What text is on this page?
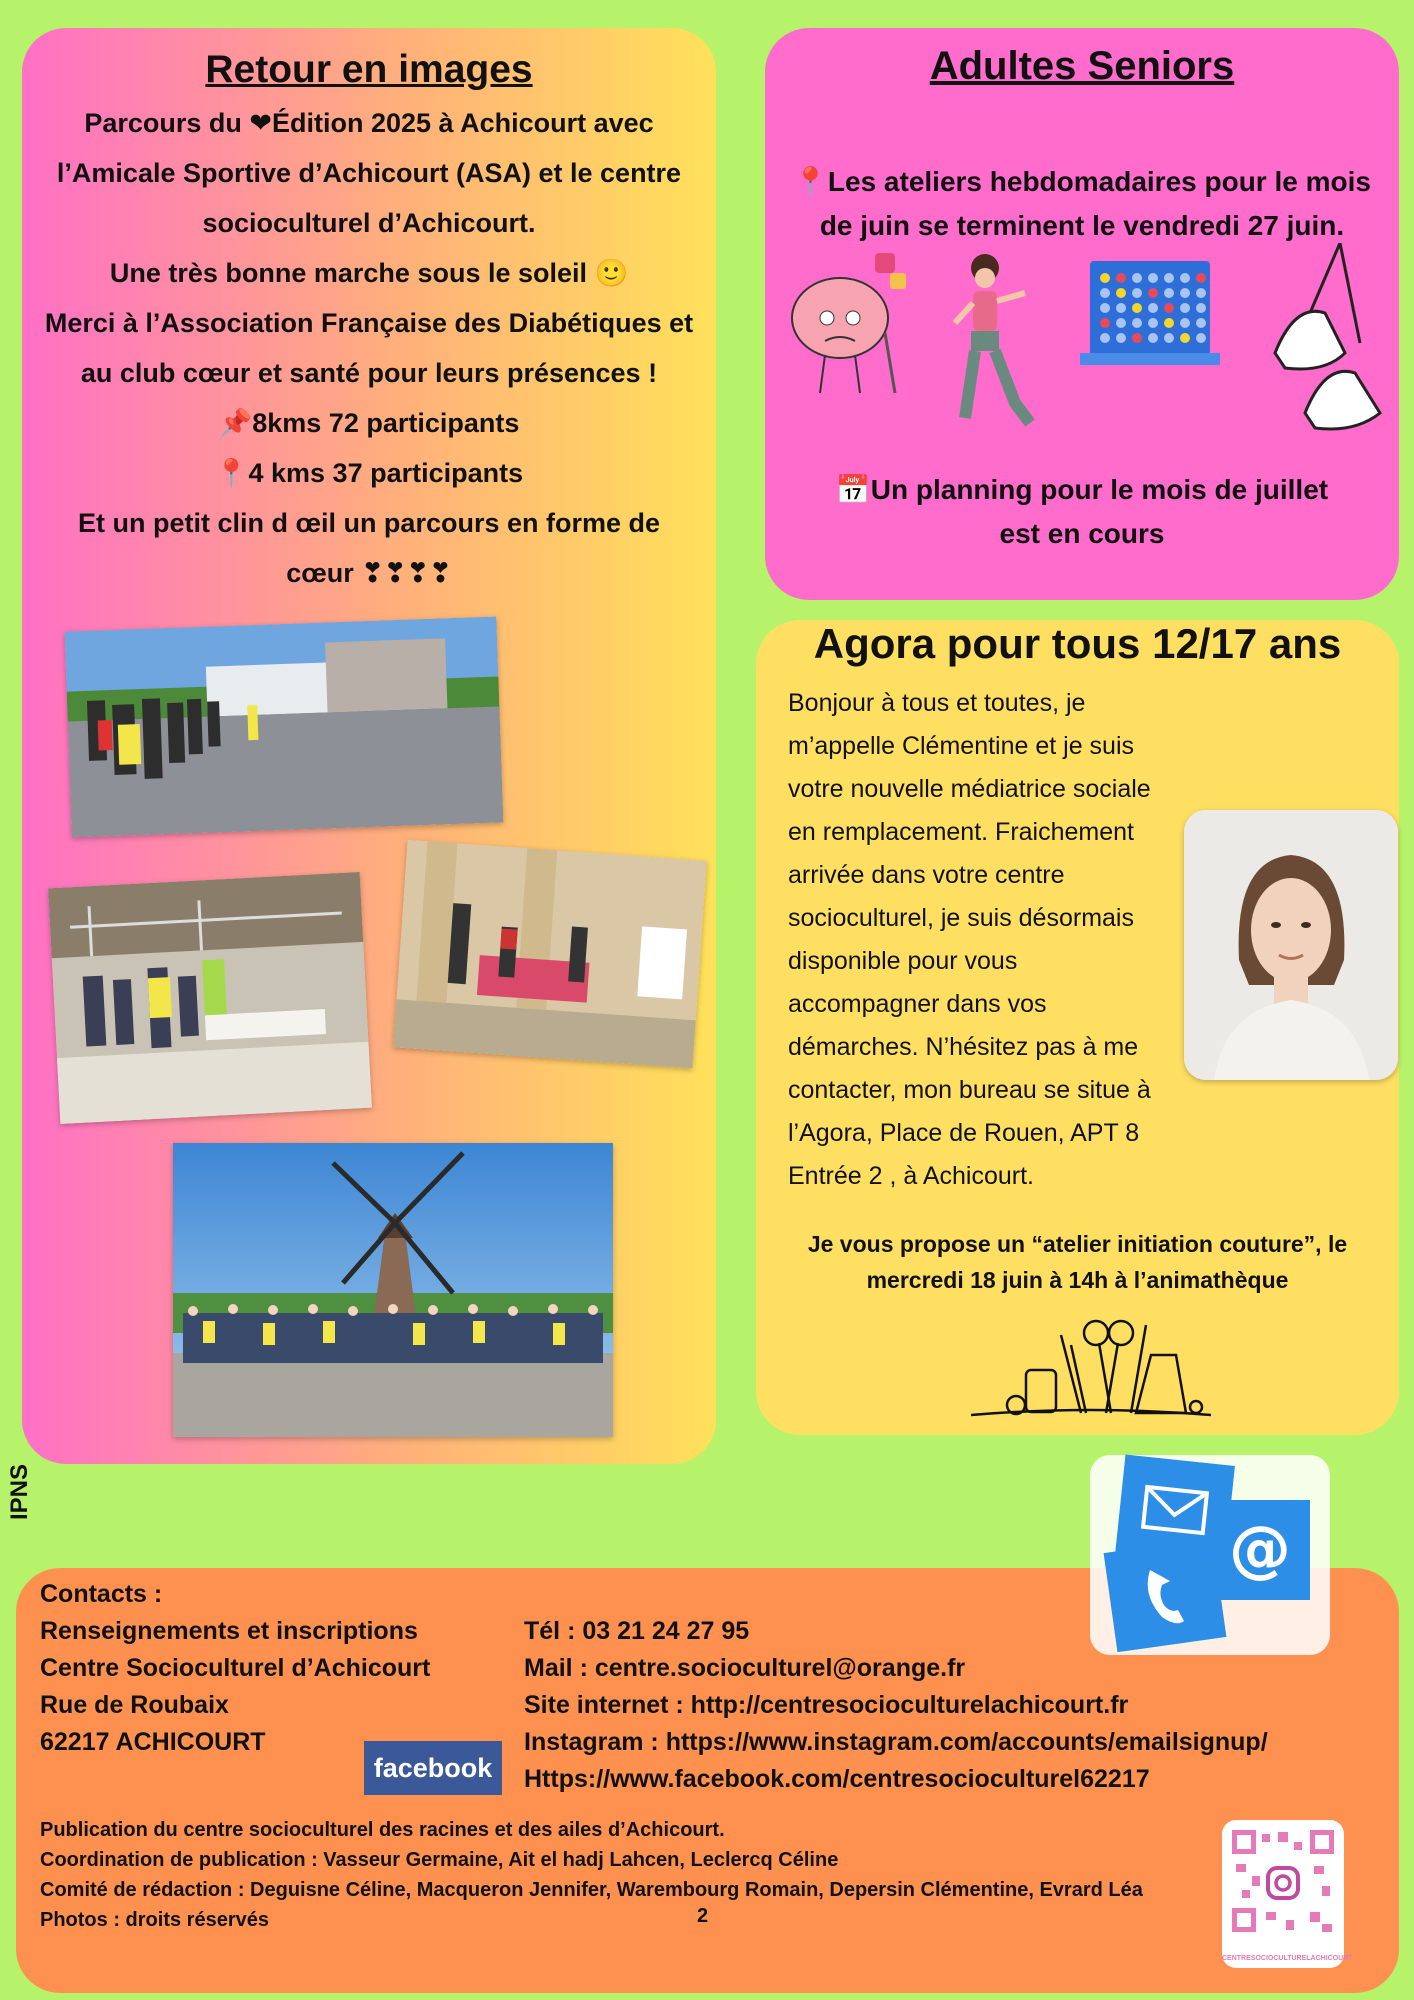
Retour en images
Parcours du ❤Édition 2025 à Achicourt avec
l’Amicale Sportive d’Achicourt (ASA) et le centre
socioculturel d’Achicourt.
Une très bonne marche sous le soleil 🙂
Merci à l’Association Française des Diabétiques et
au club cœur et santé pour leurs présences !
📌8kms 72 participants
📍4 kms 37 participants
Et un petit clin d œil un parcours en forme de
cœur ❣❣❣❣
Adultes Seniors
📍Les ateliers hebdomadaires pour le mois
de juin se terminent le vendredi 27 juin.
📅Un planning pour le mois de juillet
est en cours
Agora pour tous 12/17 ans
Bonjour à tous et toutes, je
m’appelle Clémentine et je suis
votre nouvelle médiatrice sociale
en remplacement. Fraichement
arrivée dans votre centre
socioculturel, je suis désormais
disponible pour vous
accompagner dans vos
démarches. N’hésitez pas à me
contacter, mon bureau se situe à
l’Agora, Place de Rouen, APT 8
Entrée 2 , à Achicourt.
Je vous propose un “atelier initiation couture”, le
mercredi 18 juin à 14h à l’animathèque
IPNS
Contacts :
Renseignements et inscriptions
Centre Socioculturel d’Achicourt
Rue de Roubaix
62217 ACHICOURT
Tél : 03 21 24 27 95
Mail : centre.socioculturel@orange.fr
Site internet : http://centresocioculturelachicourt.fr
Instagram : https://www.instagram.com/accounts/emailsignup/
Https://www.facebook.com/centresocioculturel62217
facebook
Publication du centre socioculturel des racines et des ailes d’Achicourt.
Coordination de publication : Vasseur Germaine, Ait el hadj Lahcen, Leclercq Céline
Comité de rédaction : Deguisne Céline, Macqueron Jennifer, Warembourg Romain, Depersin Clémentine, Evrard Léa
Photos : droits réservés	2
CENTRESOCIOCULTURELACHICOURT
@
